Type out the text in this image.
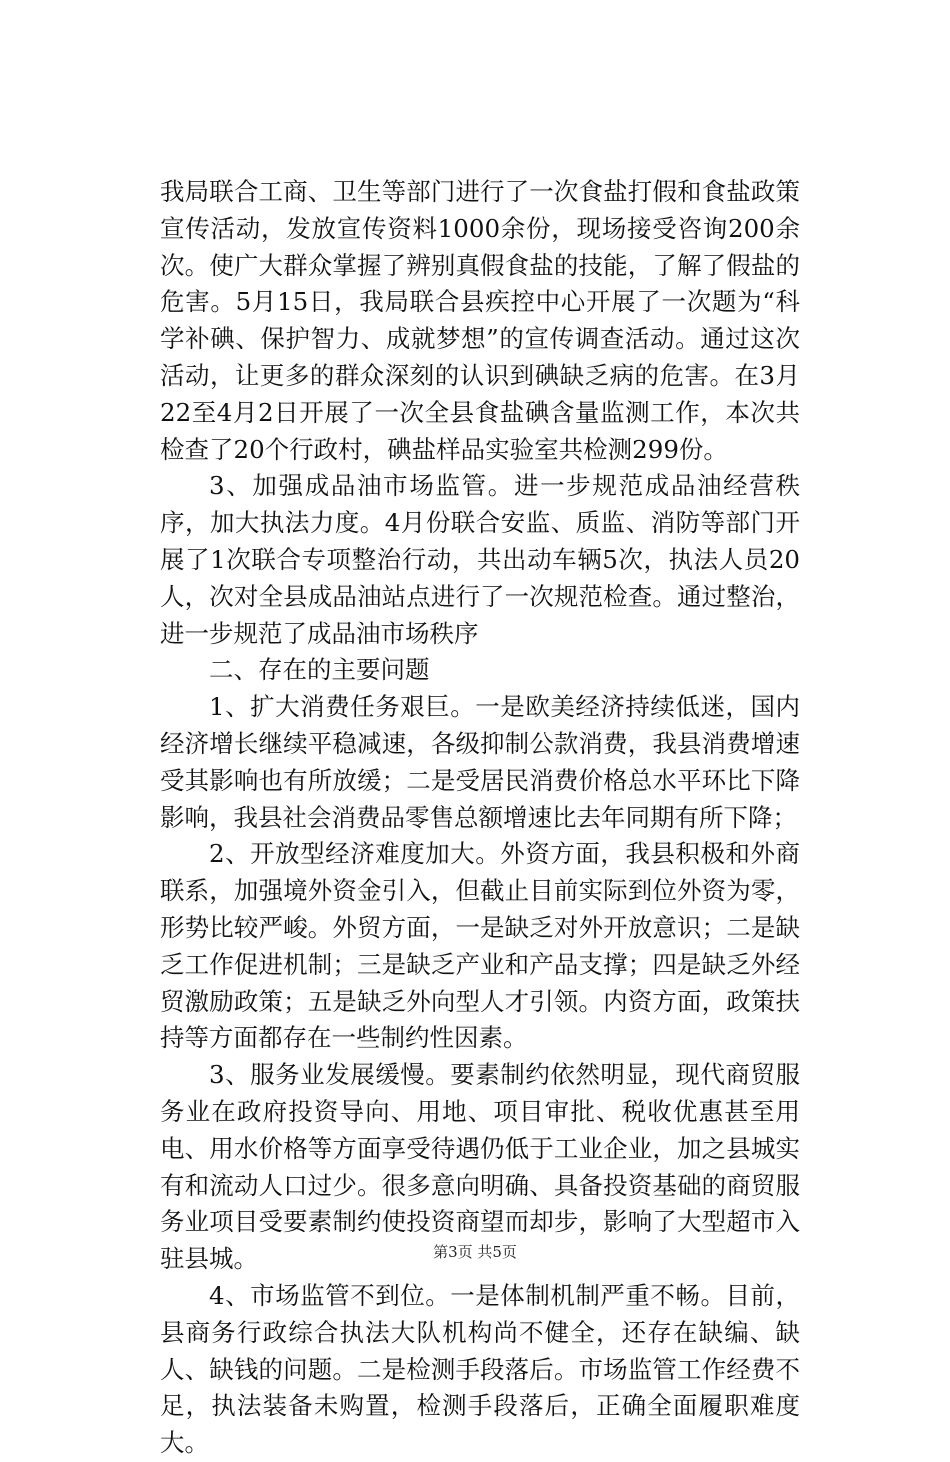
我局联合工商、卫生等部门进行了一次食盐打假和食盐政策宣传活动，发放宣传资料1000余份，现场接受咨询200余次。使广大群众掌握了辨别真假食盐的技能，了解了假盐的危害。5月15日，我局联合县疾控中心开展了一次题为“科学补碘、保护智力、成就梦想”的宣传调查活动。通过这次活动，让更多的群众深刻的认识到碘缺乏病的危害。在3月22至4月2日开展了一次全县食盐碘含量监测工作，本次共检查了20个行政村，碘盐样品实验室共检测299份。

3、加强成品油市场监管。进一步规范成品油经营秩序，加大执法力度。4月份联合安监、质监、消防等部门开展了1次联合专项整治行动，共出动车辆5次，执法人员20人，次对全县成品油站点进行了一次规范检查。通过整治，进一步规范了成品油市场秩序

二、存在的主要问题

1、扩大消费任务艰巨。一是欧美经济持续低迷，国内经济增长继续平稳减速，各级抑制公款消费，我县消费增速受其影响也有所放缓；二是受居民消费价格总水平环比下降影响，我县社会消费品零售总额增速比去年同期有所下降；

2、开放型经济难度加大。外资方面，我县积极和外商联系，加强境外资金引入，但截止目前实际到位外资为零，形势比较严峻。外贸方面，一是缺乏对外开放意识；二是缺乏工作促进机制；三是缺乏产业和产品支撑；四是缺乏外经贸激励政策；五是缺乏外向型人才引领。内资方面，政策扶持等方面都存在一些制约性因素。

3、服务业发展缓慢。要素制约依然明显，现代商贸服务业在政府投资导向、用地、项目审批、税收优惠甚至用电、用水价格等方面享受待遇仍低于工业企业，加之县城实有和流动人口过少。很多意向明确、具备投资基础的商贸服务业项目受要素制约使投资商望而却步，影响了大型超市入驻县城。

4、市场监管不到位。一是体制机制严重不畅。目前，县商务行政综合执法大队机构尚不健全，还存在缺编、缺人、缺钱的问题。二是检测手段落后。市场监管工作经费不足，执法装备未购置，检测手段落后，正确全面履职难度大。

第3页 共5页
